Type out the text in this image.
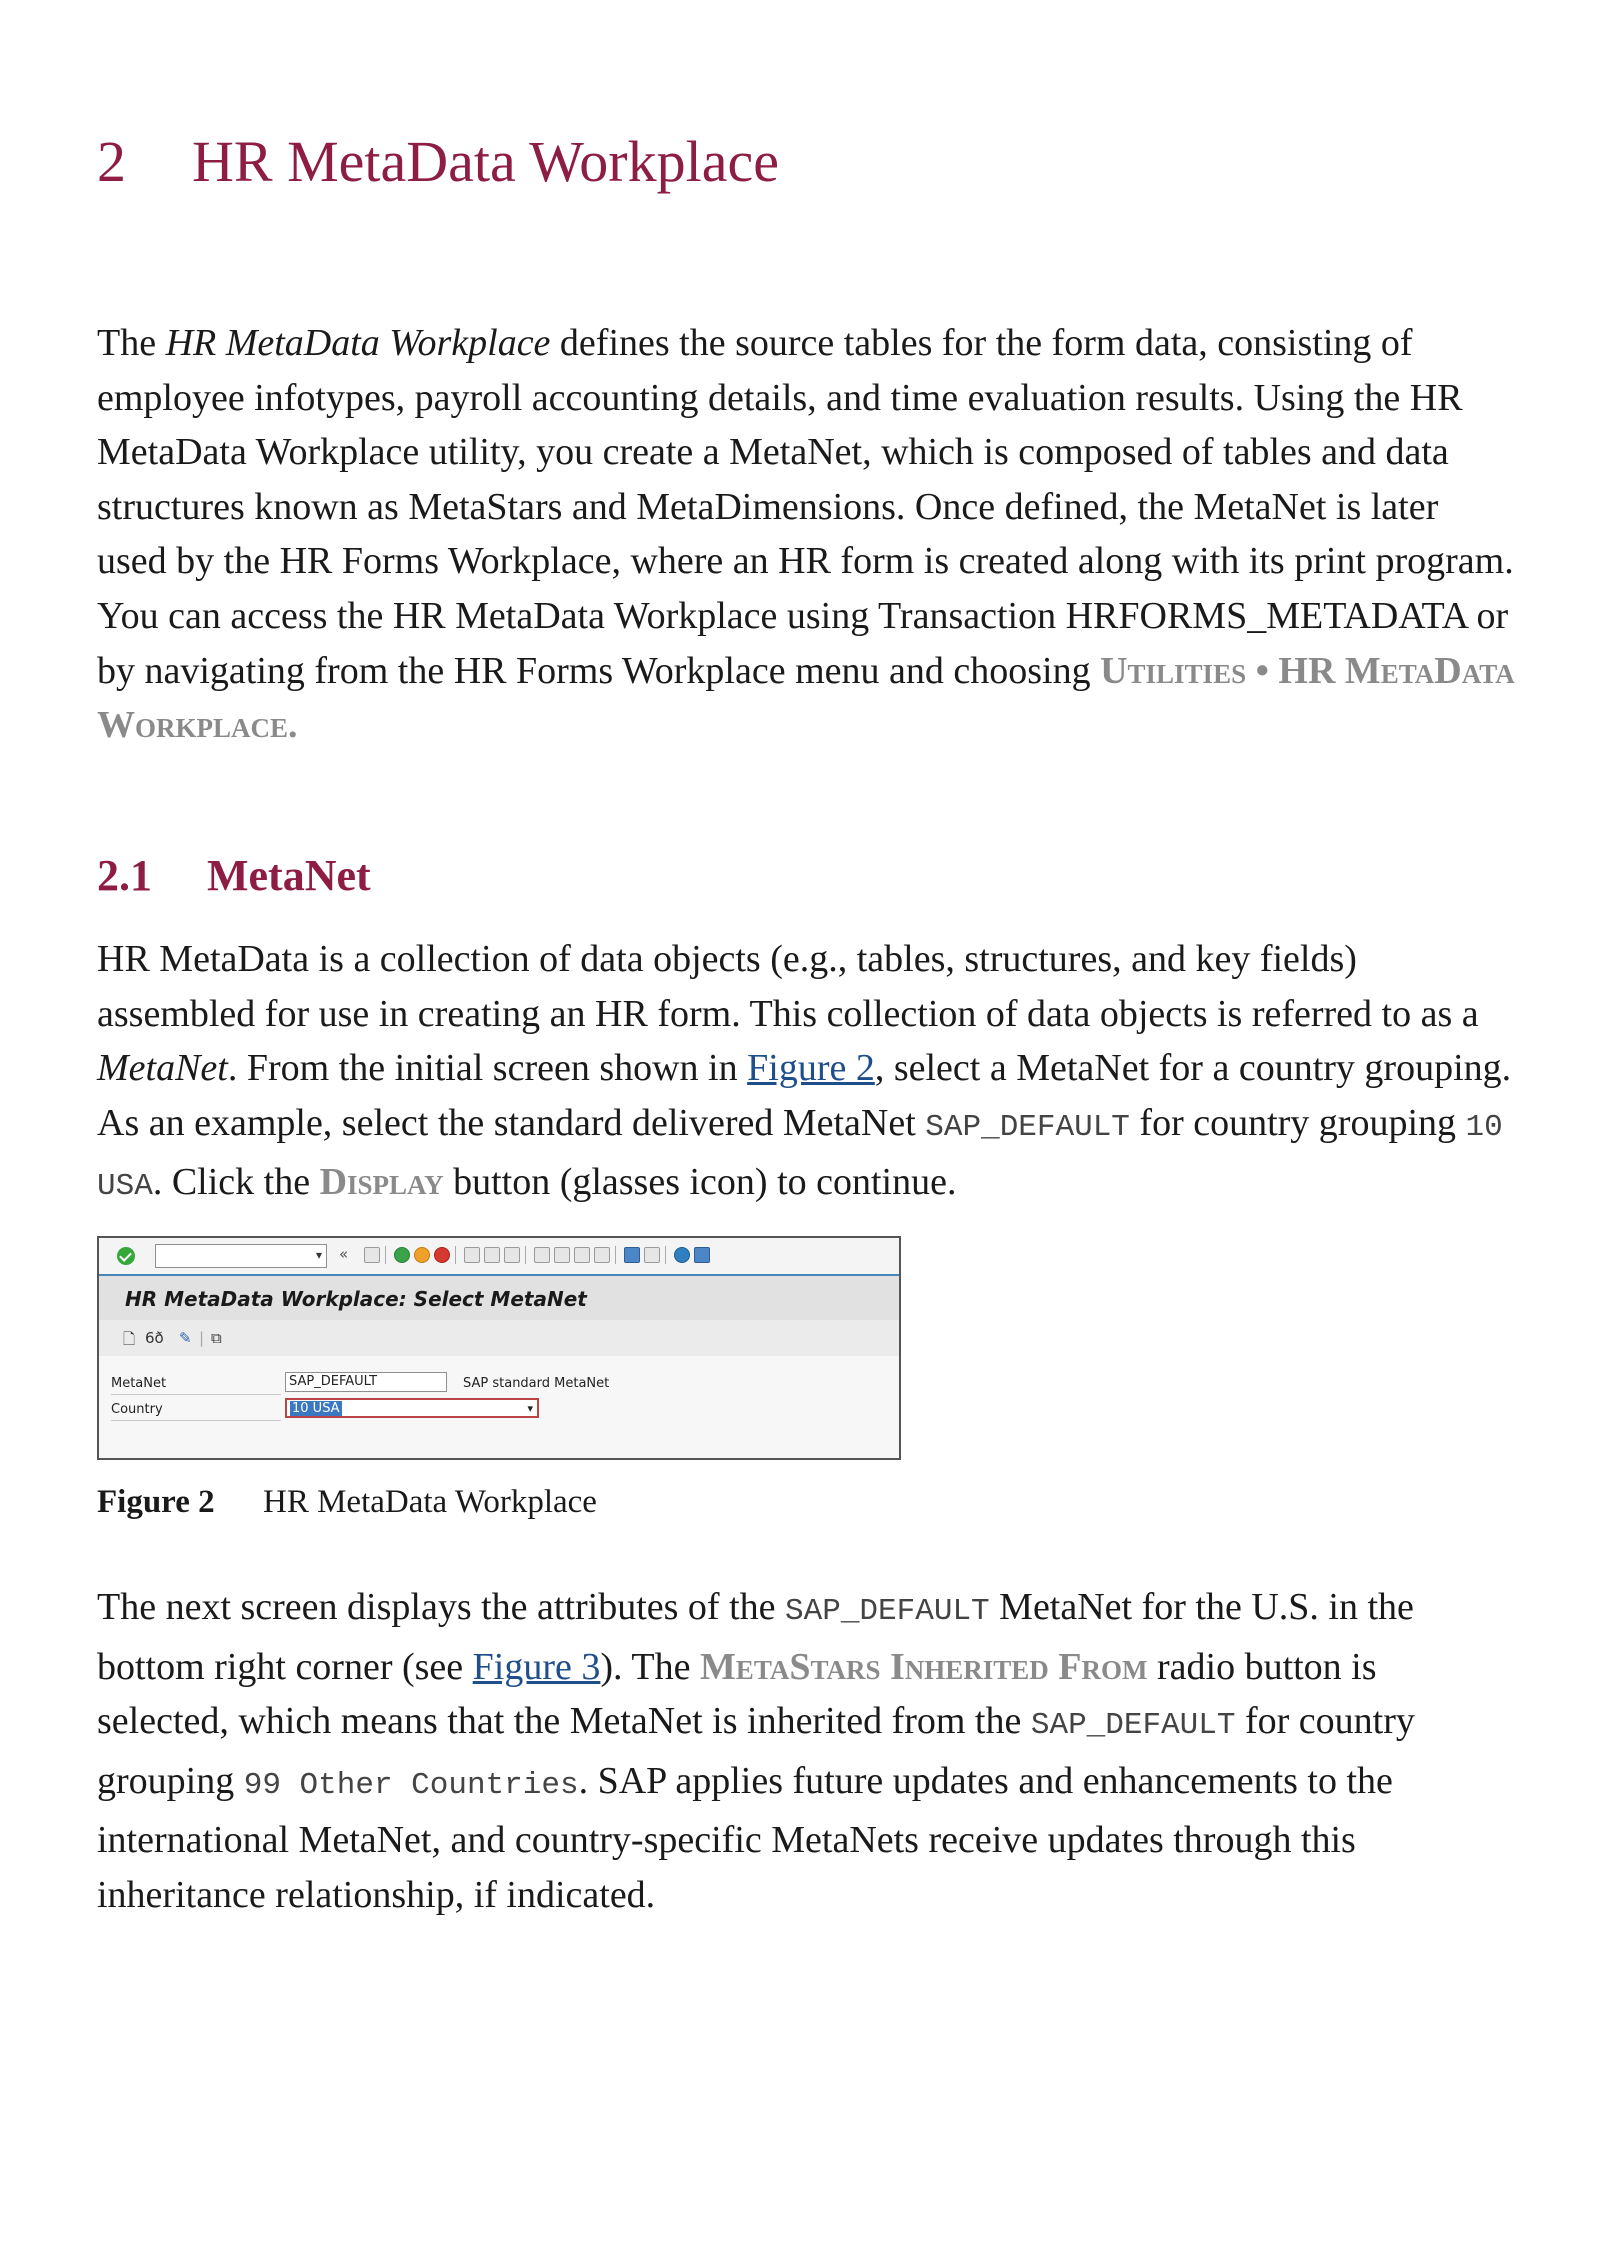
2 HR MetaData Workplace

The HR MetaData Workplace defines the source tables for the form data, consisting of employee infotypes, payroll accounting details, and time evaluation results. Using the HR MetaData Workplace utility, you create a MetaNet, which is composed of tables and data structures known as MetaStars and MetaDimensions. Once defined, the MetaNet is later used by the HR Forms Workplace, where an HR form is created along with its print program. You can access the HR MetaData Workplace using Transaction HRFORMS_METADATA or by navigating from the HR Forms Workplace menu and choosing Utilities • HR MetaData Workplace.

2.1 MetaNet

HR MetaData is a collection of data objects (e.g., tables, structures, and key fields) assembled for use in creating an HR form. This collection of data objects is referred to as a MetaNet. From the initial screen shown in Figure 2, select a MetaNet for a country grouping. As an example, select the standard delivered MetaNet SAP_DEFAULT for country grouping 10 USA. Click the Display button (glasses icon) to continue.

▾ «
HR MetaData Workplace: Select MetaNet
🗋 6ð ✎ | ⧉
MetaNet	SAP_DEFAULT	SAP standard MetaNet
Country	10 USA	▾

Figure 2 HR MetaData Workplace

The next screen displays the attributes of the SAP_DEFAULT MetaNet for the U.S. in the bottom right corner (see Figure 3). The MetaStars Inherited From radio button is selected, which means that the MetaNet is inherited from the SAP_DEFAULT for country grouping 99 Other Countries. SAP applies future updates and enhancements to the international MetaNet, and country-specific MetaNets receive updates through this inheritance relationship, if indicated.
